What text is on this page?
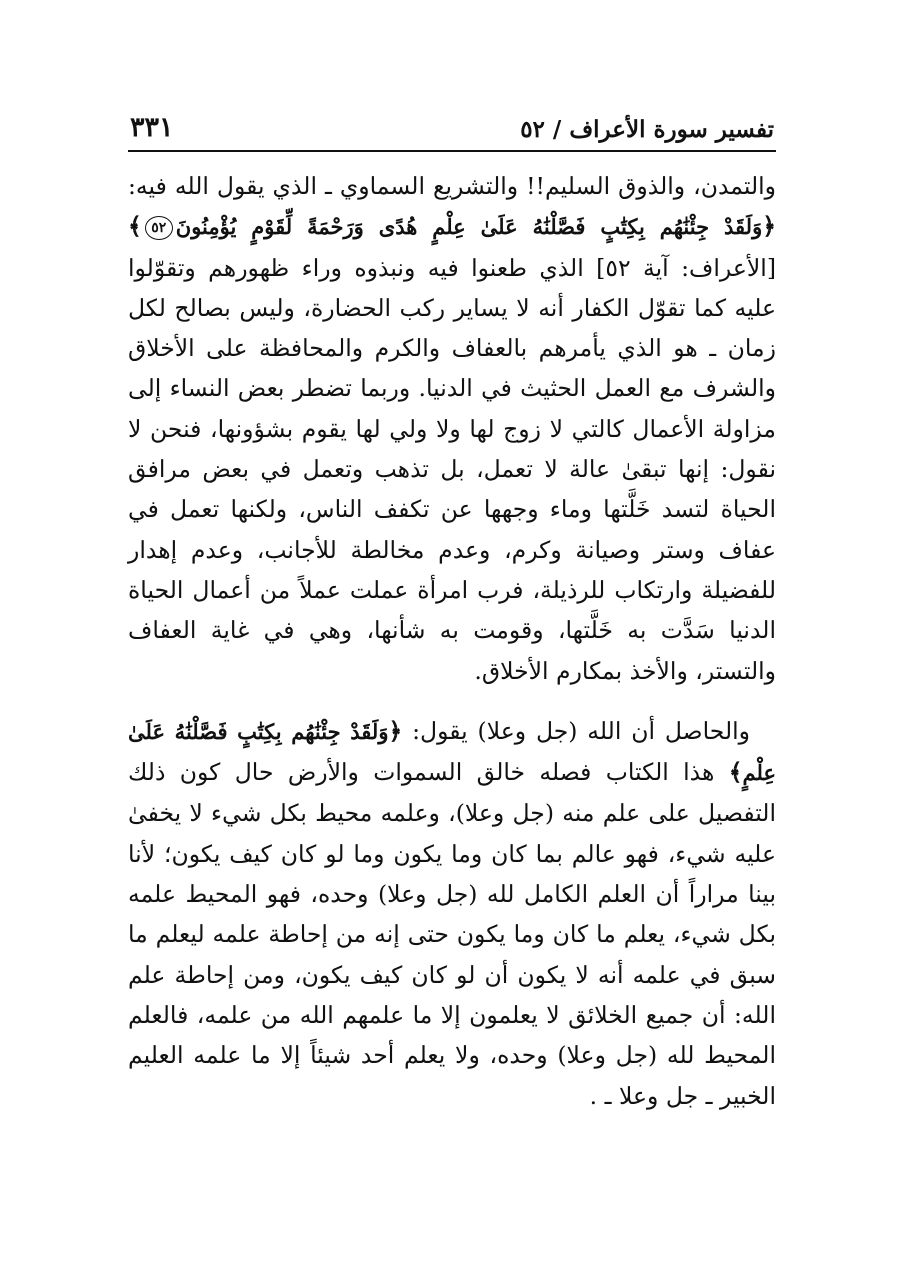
تفسير سورة الأعراف / ٥٢
٣٣١

والتمدن، والذوق السليم!! والتشريع السماوي ـ الذي يقول الله فيه: ﴿وَلَقَدْ جِئْنَٰهُم بِكِتَٰبٍ فَصَّلْنَٰهُ عَلَىٰ عِلْمٍ هُدًى وَرَحْمَةً لِّقَوْمٍ يُؤْمِنُونَ٥٢﴾ [الأعراف: آية ٥٢] الذي طعنوا فيه ونبذوه وراء ظهورهم وتقوّلوا عليه كما تقوّل الكفار أنه لا يساير ركب الحضارة، وليس بصالح لكل زمان ـ هو الذي يأمرهم بالعفاف والكرم والمحافظة على الأخلاق والشرف مع العمل الحثيث في الدنيا. وربما تضطر بعض النساء إلى مزاولة الأعمال كالتي لا زوج لها ولا ولي لها يقوم بشؤونها، فنحن لا نقول: إنها تبقىٰ عالة لا تعمل، بل تذهب وتعمل في بعض مرافق الحياة لتسد خَلَّتها وماء وجهها عن تكفف الناس، ولكنها تعمل في عفاف وستر وصيانة وكرم، وعدم مخالطة للأجانب، وعدم إهدار للفضيلة وارتكاب للرذيلة، فرب امرأة عملت عملاً من أعمال الحياة الدنيا سَدَّت به خَلَّتها، وقومت به شأنها، وهي في غاية العفاف والتستر، والأخذ بمكارم الأخلاق.

والحاصل أن الله (جل وعلا) يقول: ﴿وَلَقَدْ جِئْنَٰهُم بِكِتَٰبٍ فَصَّلْنَٰهُ عَلَىٰ عِلْمٍ﴾ هذا الكتاب فصله خالق السموات والأرض حال كون ذلك التفصيل على علم منه (جل وعلا)، وعلمه محيط بكل شيء لا يخفىٰ عليه شيء، فهو عالم بما كان وما يكون وما لو كان كيف يكون؛ لأنا بينا مراراً أن العلم الكامل لله (جل وعلا) وحده، فهو المحيط علمه بكل شيء، يعلم ما كان وما يكون حتى إنه من إحاطة علمه ليعلم ما سبق في علمه أنه لا يكون أن لو كان كيف يكون، ومن إحاطة علم الله: أن جميع الخلائق لا يعلمون إلا ما علمهم الله من علمه، فالعلم المحيط لله (جل وعلا) وحده، ولا يعلم أحد شيئاً إلا ما علمه العليم الخبير ـ جل وعلا ـ .
